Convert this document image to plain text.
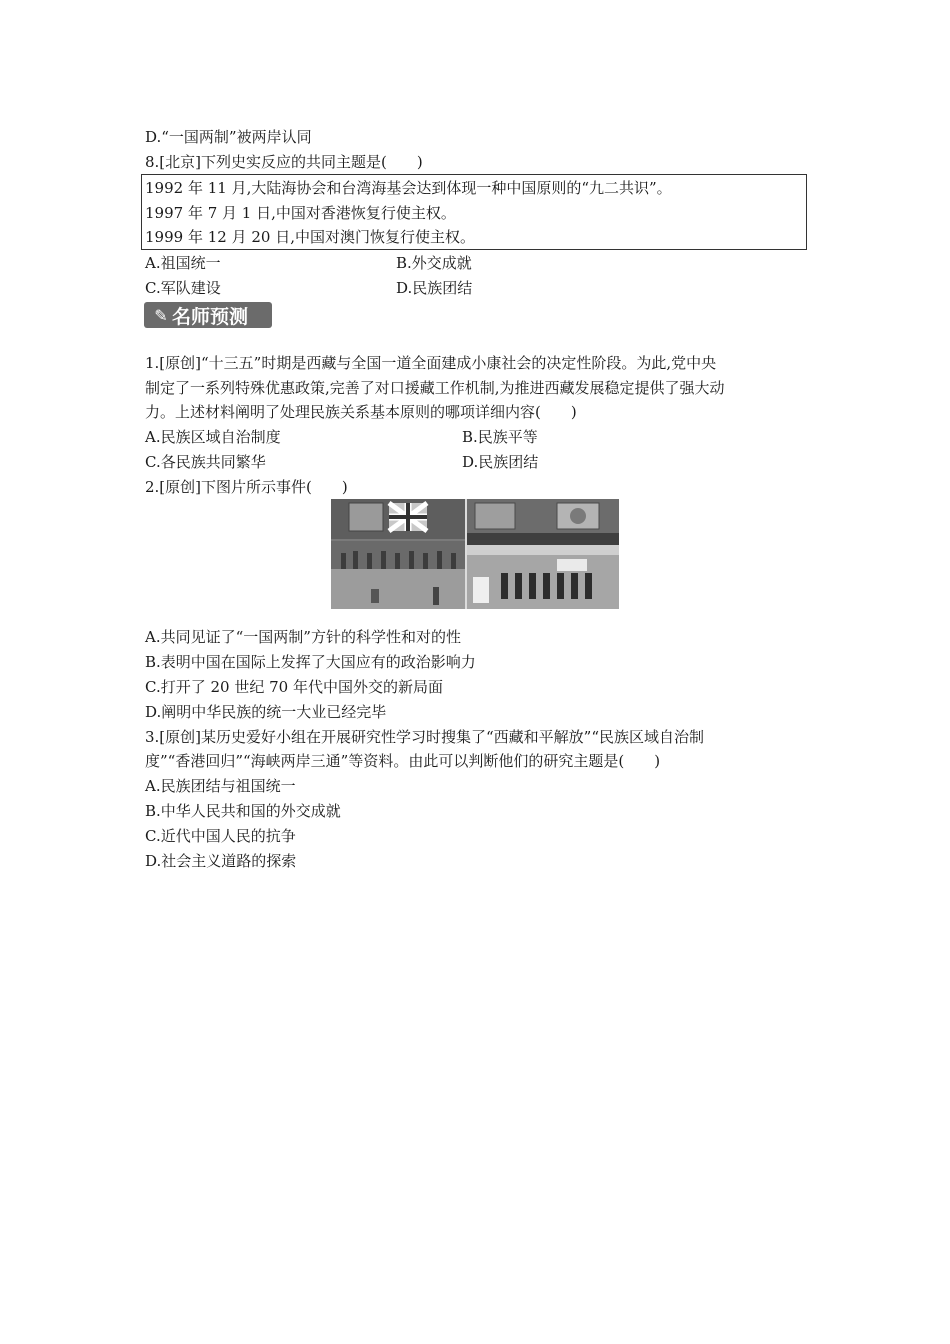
D.“一国两制”被两岸认同
8.[北京]下列史实反应的共同主题是(　　)
1992 年 11 月,大陆海协会和台湾海基会达到体现一种中国原则的“九二共识”。
1997 年 7 月 1 日,中国对香港恢复行使主权。
1999 年 12 月 20 日,中国对澳门恢复行使主权。
A.祖国统一	B.外交成就
C.军队建设	D.民族团结
✎ 名师预测
1.[原创]“十三五”时期是西藏与全国一道全面建成小康社会的决定性阶段。为此,党中央
制定了一系列特殊优惠政策,完善了对口援藏工作机制,为推进西藏发展稳定提供了强大动
力。上述材料阐明了处理民族关系基本原则的哪项详细内容(　　)
A.民族区域自治制度	B.民族平等
C.各民族共同繁华	D.民族团结
2.[原创]下图片所示事件(　　)
A.共同见证了“一国两制”方针的科学性和对的性
B.表明中国在国际上发挥了大国应有的政治影响力
C.打开了 20 世纪 70 年代中国外交的新局面
D.阐明中华民族的统一大业已经完毕
3.[原创]某历史爱好小组在开展研究性学习时搜集了“西藏和平解放”“民族区域自治制
度”“香港回归”“海峡两岸三通”等资料。由此可以判断他们的研究主题是(　　)
A.民族团结与祖国统一
B.中华人民共和国的外交成就
C.近代中国人民的抗争
D.社会主义道路的探索
